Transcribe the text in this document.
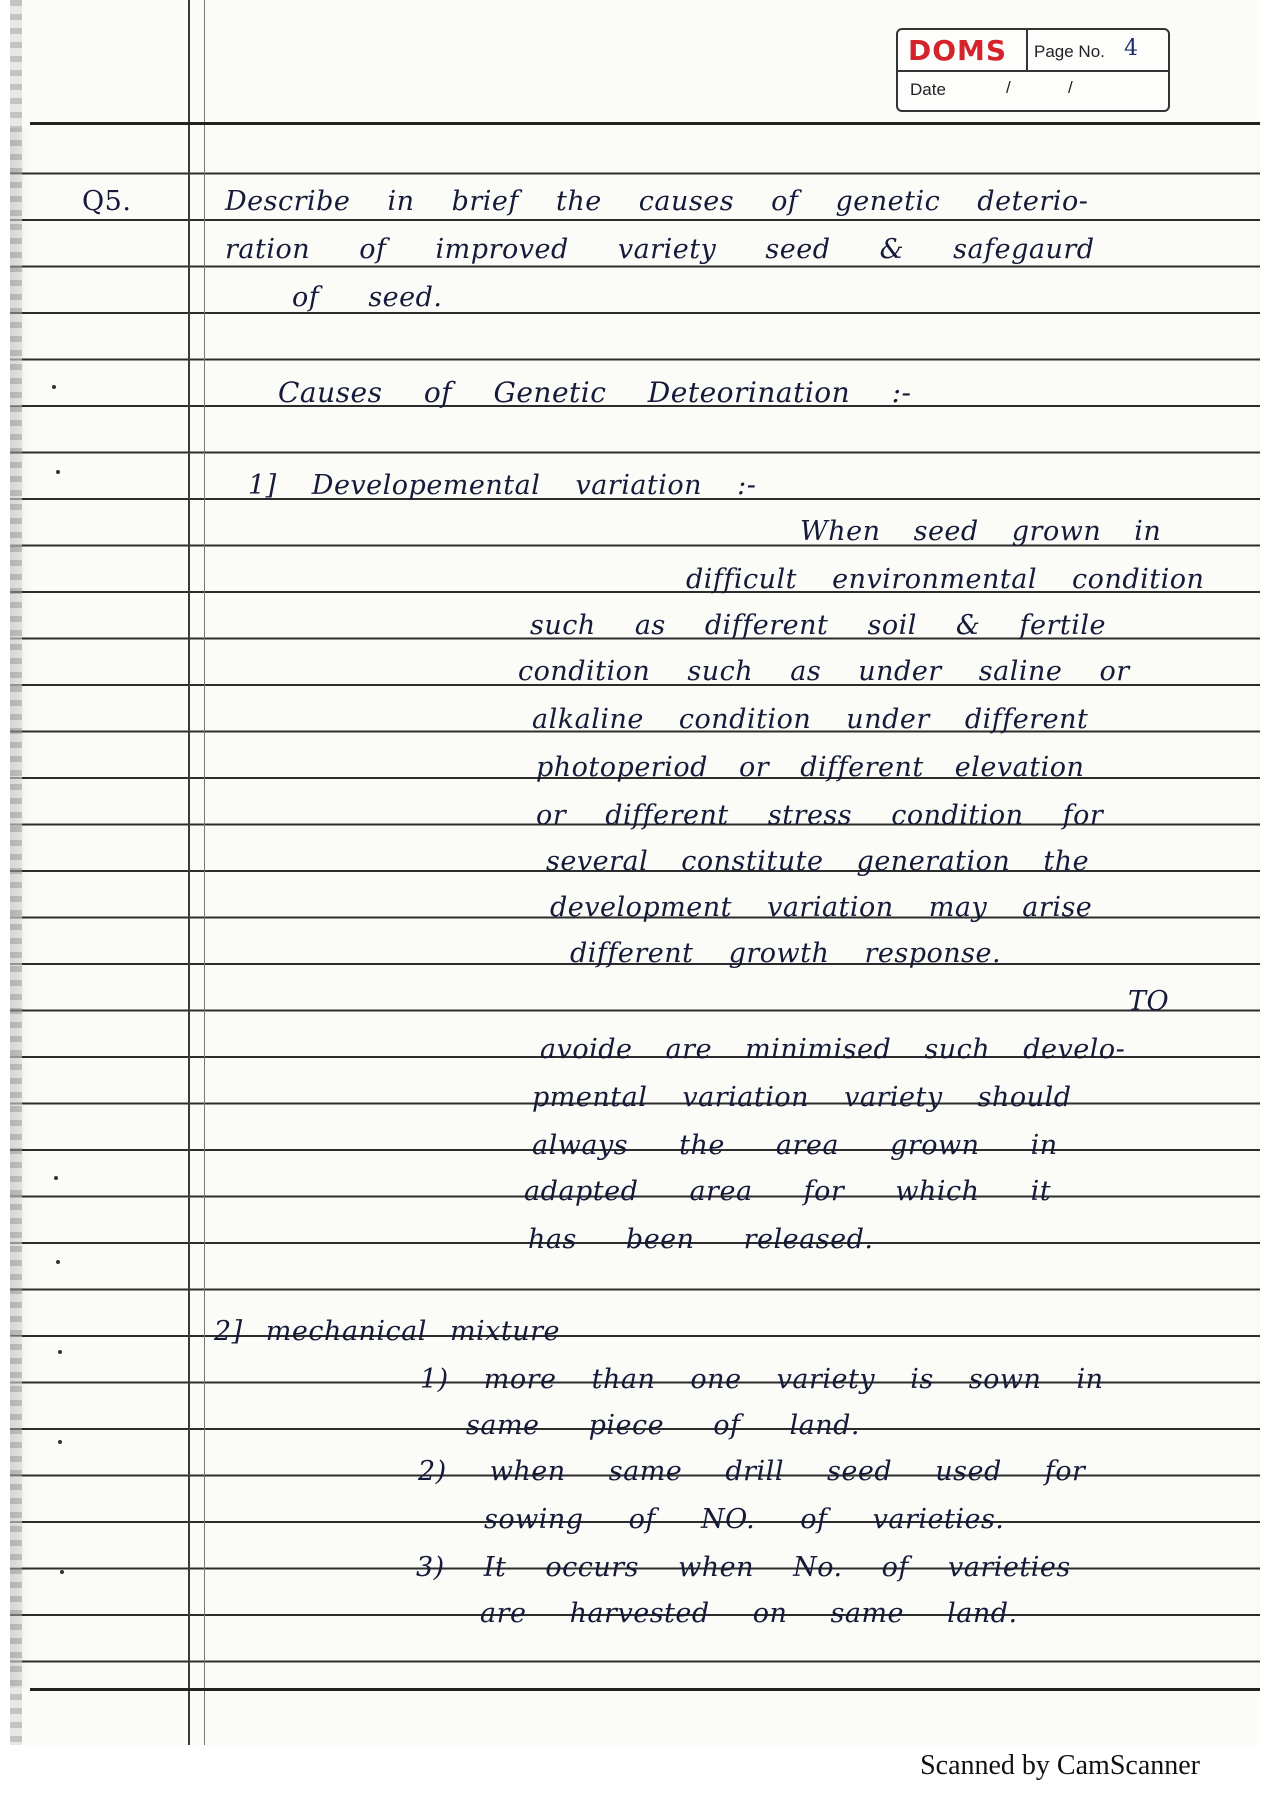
DOMS Page No. 4
Date	/	/
Q5.	Describe in brief the causes of genetic deterio-
ration of improved variety seed & safegaurd
of seed.
Causes of Genetic Deteorination :-
1] Developemental variation :-
When seed grown in
difficult environmental condition
such as different soil & fertile
condition such as under saline or
alkaline condition under different
photoperiod or different elevation
or different stress condition for
several constitute generation the
development variation may arise
different growth response.
TO
avoide are minimised such develo-
pmental variation variety should
always the area grown in
adapted area for which it
has been released.
2] mechanical mixture
1) more than one variety is sown in
same piece of land.
2) when same drill seed used for
sowing of NO. of varieties.
3) It occurs when No. of varieties
are harvested on same land.
Scanned by CamScanner
